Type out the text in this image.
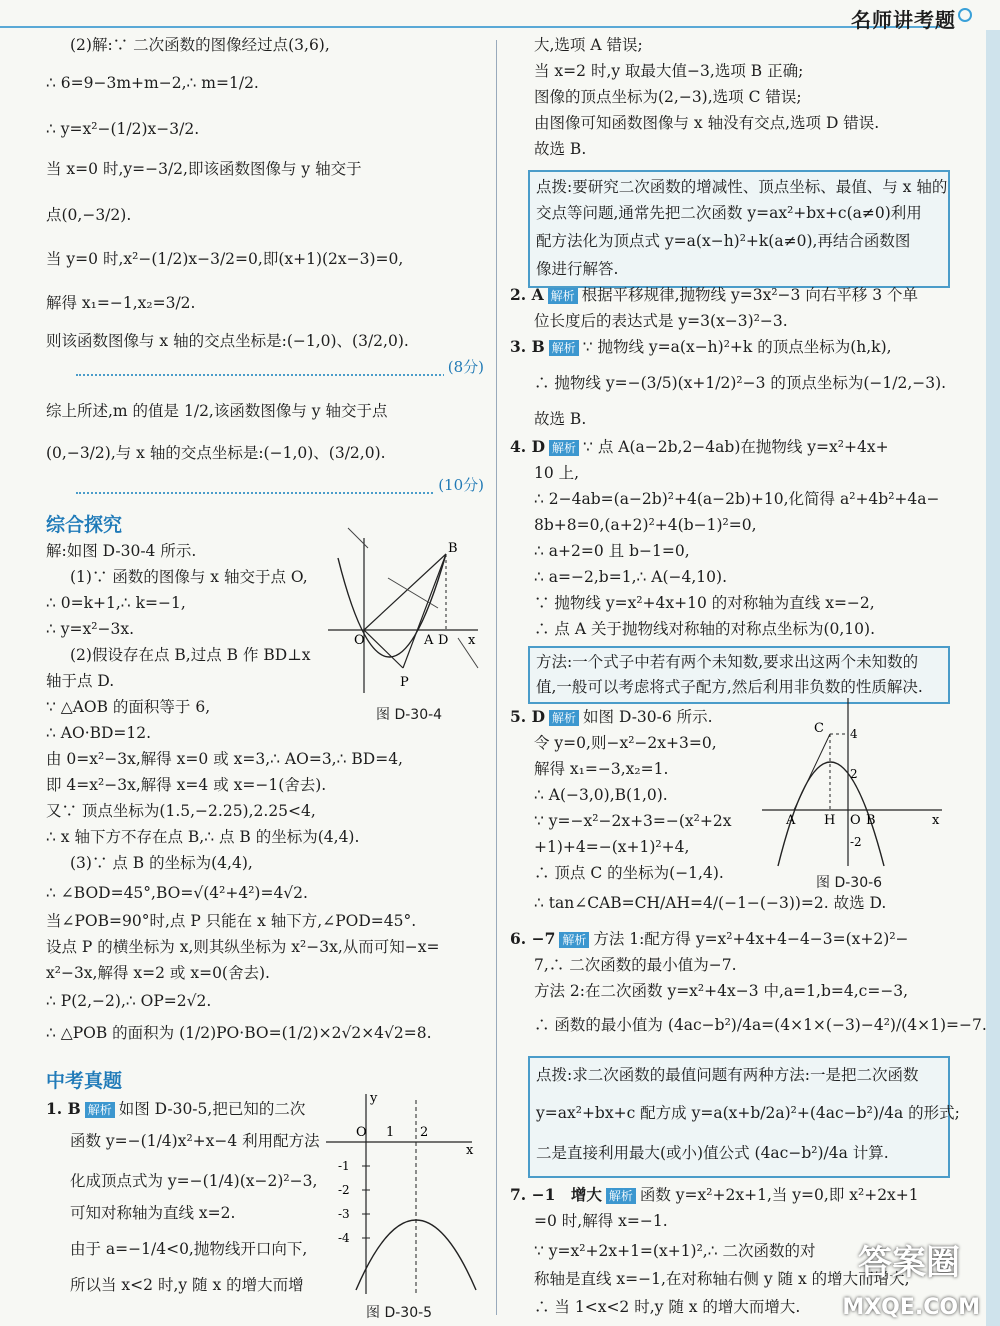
名师讲考题
(2)解:∵ 二次函数的图像经过点(3,6),
∴ 6=9−3m+m−2,∴ m=1/2.
∴ y=x²−(1/2)x−3/2.
当 x=0 时,y=−3/2,即该函数图像与 y 轴交于
点(0,−3/2).
当 y=0 时,x²−(1/2)x−3/2=0,即(x+1)(2x−3)=0,
解得 x₁=−1,x₂=3/2.
则该函数图像与 x 轴的交点坐标是:(−1,0)、(3/2,0).
(8分)
综上所述,m 的值是 1/2,该函数图像与 y 轴交于点
(0,−3/2),与 x 轴的交点坐标是:(−1,0)、(3/2,0).
(10分)
综合探究
解:如图 D-30-4 所示.
(1)∵ 函数的图像与 x 轴交于点 O,
∴ 0=k+1,∴ k=−1,
∴ y=x²−3x.
(2)假设存在点 B,过点 B 作 BD⊥x
轴于点 D.
∵ △AOB 的面积等于 6,
∴ AO·BD=12.
由 0=x²−3x,解得 x=0 或 x=3,∴ AO=3,∴ BD=4,
即 4=x²−3x,解得 x=4 或 x=−1(舍去).
又∵ 顶点坐标为(1.5,−2.25),2.25<4,
∴ x 轴下方不存在点 B,∴ 点 B 的坐标为(4,4).
(3)∵ 点 B 的坐标为(4,4),
∴ ∠BOD=45°,BO=√(4²+4²)=4√2.
当∠POB=90°时,点 P 只能在 x 轴下方,∠POD=45°.
设点 P 的横坐标为 x,则其纵坐标为 x²−3x,从而可知−x=
x²−3x,解得 x=2 或 x=0(舍去).
∴ P(2,−2),∴ OP=2√2.
∴ △POB 的面积为 (1/2)PO·BO=(1/2)×2√2×4√2=8.
B
O	A D x
P
图 D-30-4
中考真题
1. B 解析 如图 D-30-5,把已知的二次
函数 y=−(1/4)x²+x−4 利用配方法
化成顶点式为 y=−(1/4)(x−2)²−3,
可知对称轴为直线 x=2.
由于 a=−1/4<0,抛物线开口向下,
所以当 x<2 时,y 随 x 的增大而增
y
O 1 2
x
-1
-2
-3
-4
图 D-30-5
大,选项 A 错误;
当 x=2 时,y 取最大值−3,选项 B 正确;
图像的顶点坐标为(2,−3),选项 C 错误;
由图像可知函数图像与 x 轴没有交点,选项 D 错误.
故选 B.
点拨:要研究二次函数的增减性、顶点坐标、最值、与 x 轴的
交点等问题,通常先把二次函数 y=ax²+bx+c(a≠0)利用
配方法化为顶点式 y=a(x−h)²+k(a≠0),再结合函数图
像进行解答.
2. A 解析 根据平移规律,抛物线 y=3x²−3 向右平移 3 个单
位长度后的表达式是 y=3(x−3)²−3.
3. B 解析 ∵ 抛物线 y=a(x−h)²+k 的顶点坐标为(h,k),
∴ 抛物线 y=−(3/5)(x+1/2)²−3 的顶点坐标为(−1/2,−3).
故选 B.
4. D 解析 ∵ 点 A(a−2b,2−4ab)在抛物线 y=x²+4x+
10 上,
∴ 2−4ab=(a−2b)²+4(a−2b)+10,化简得 a²+4b²+4a−
8b+8=0,(a+2)²+4(b−1)²=0,
∴ a+2=0 且 b−1=0,
∴ a=−2,b=1,∴ A(−4,10).
∵ 抛物线 y=x²+4x+10 的对称轴为直线 x=−2,
∴ 点 A 关于抛物线对称轴的对称点坐标为(0,10).
方法:一个式子中若有两个未知数,要求出这两个未知数的
值,一般可以考虑将式子配方,然后利用非负数的性质解决.
5. D 解析 如图 D-30-6 所示.
令 y=0,则−x²−2x+3=0,
解得 x₁=−3,x₂=1.
∴ A(−3,0),B(1,0).
∵ y=−x²−2x+3=−(x²+2x
+1)+4=−(x+1)²+4,
∴ 顶点 C 的坐标为(−1,4).
∴ tan∠CAB=CH/AH=4/(−1−(−3))=2. 故选 D.
C 4
2
A H O B	x
-2
图 D-30-6
6. −7 解析 方法 1:配方得 y=x²+4x+4−4−3=(x+2)²−
7,∴ 二次函数的最小值为−7.
方法 2:在二次函数 y=x²+4x−3 中,a=1,b=4,c=−3,
∴ 函数的最小值为 (4ac−b²)/4a=(4×1×(−3)−4²)/(4×1)=−7.
点拨:求二次函数的最值问题有两种方法:一是把二次函数
y=ax²+bx+c 配方成 y=a(x+b/2a)²+(4ac−b²)/4a 的形式;
二是直接利用最大(或小)值公式 (4ac−b²)/4a 计算.
7. −1　增大 解析 函数 y=x²+2x+1,当 y=0,即 x²+2x+1
=0 时,解得 x=−1.
∵ y=x²+2x+1=(x+1)²,∴ 二次函数的对
称轴是直线 x=−1,在对称轴右侧 y 随 x 的增大而增大,
∴ 当 1<x<2 时,y 随 x 的增大而增大.
答案圈
MXQE.COM
